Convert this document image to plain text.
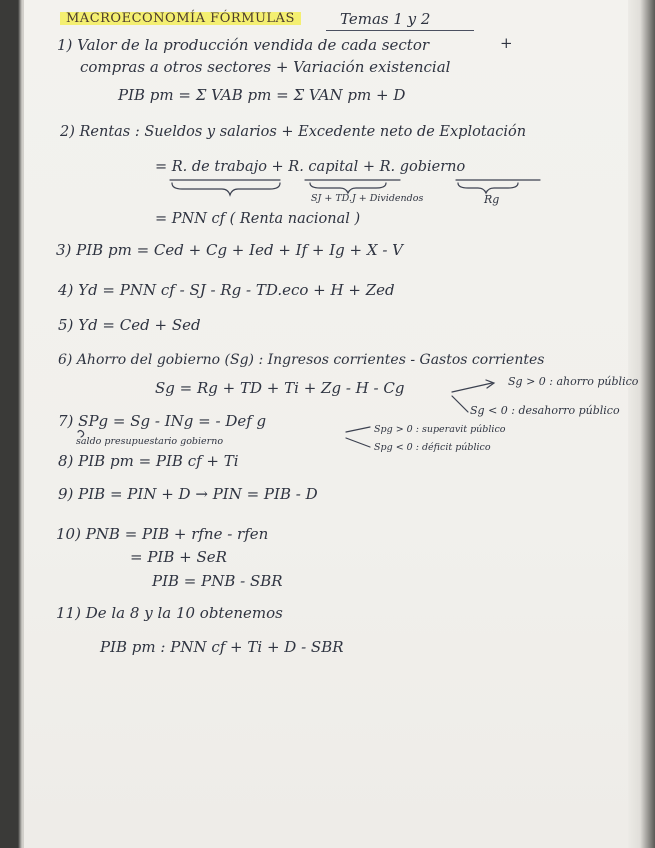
MACROECONOMÍA FÓRMULAS	Temas 1 y 2
1) Valor de la producción vendida de cada sector	+
compras a otros sectores + Variación existencial
PIB pm = Σ VAB pm = Σ VAN pm + D
2) Rentas : Sueldos y salarios + Excedente neto de Explotación
= R. de trabajo + R. capital + R. gobierno
SJ + TD.J + Dividendos	Rg
= PNN cf ( Renta nacional )
3) PIB pm = Ced + Cg + Ied + If + Ig + X - V
4) Yd = PNN cf - SJ - Rg - TD.eco + H + Zed
5) Yd = Ced + Sed
6) Ahorro del gobierno (Sg) : Ingresos corrientes - Gastos corrientes
Sg = Rg + TD + Ti + Zg - H - Cg	Sg > 0 : ahorro público
Sg < 0 : desahorro público
7) SPg = Sg - INg = - Def g
saldo presupuestario gobierno
Spg > 0 : superavit público
Spg < 0 : déficit público
8) PIB pm = PIB cf + Ti
9) PIB = PIN + D → PIN = PIB - D
10) PNB = PIB + rfne - rfen
= PIB + SeR
PIB = PNB - SBR
11) De la 8 y la 10 obtenemos
PIB pm : PNN cf + Ti + D - SBR
